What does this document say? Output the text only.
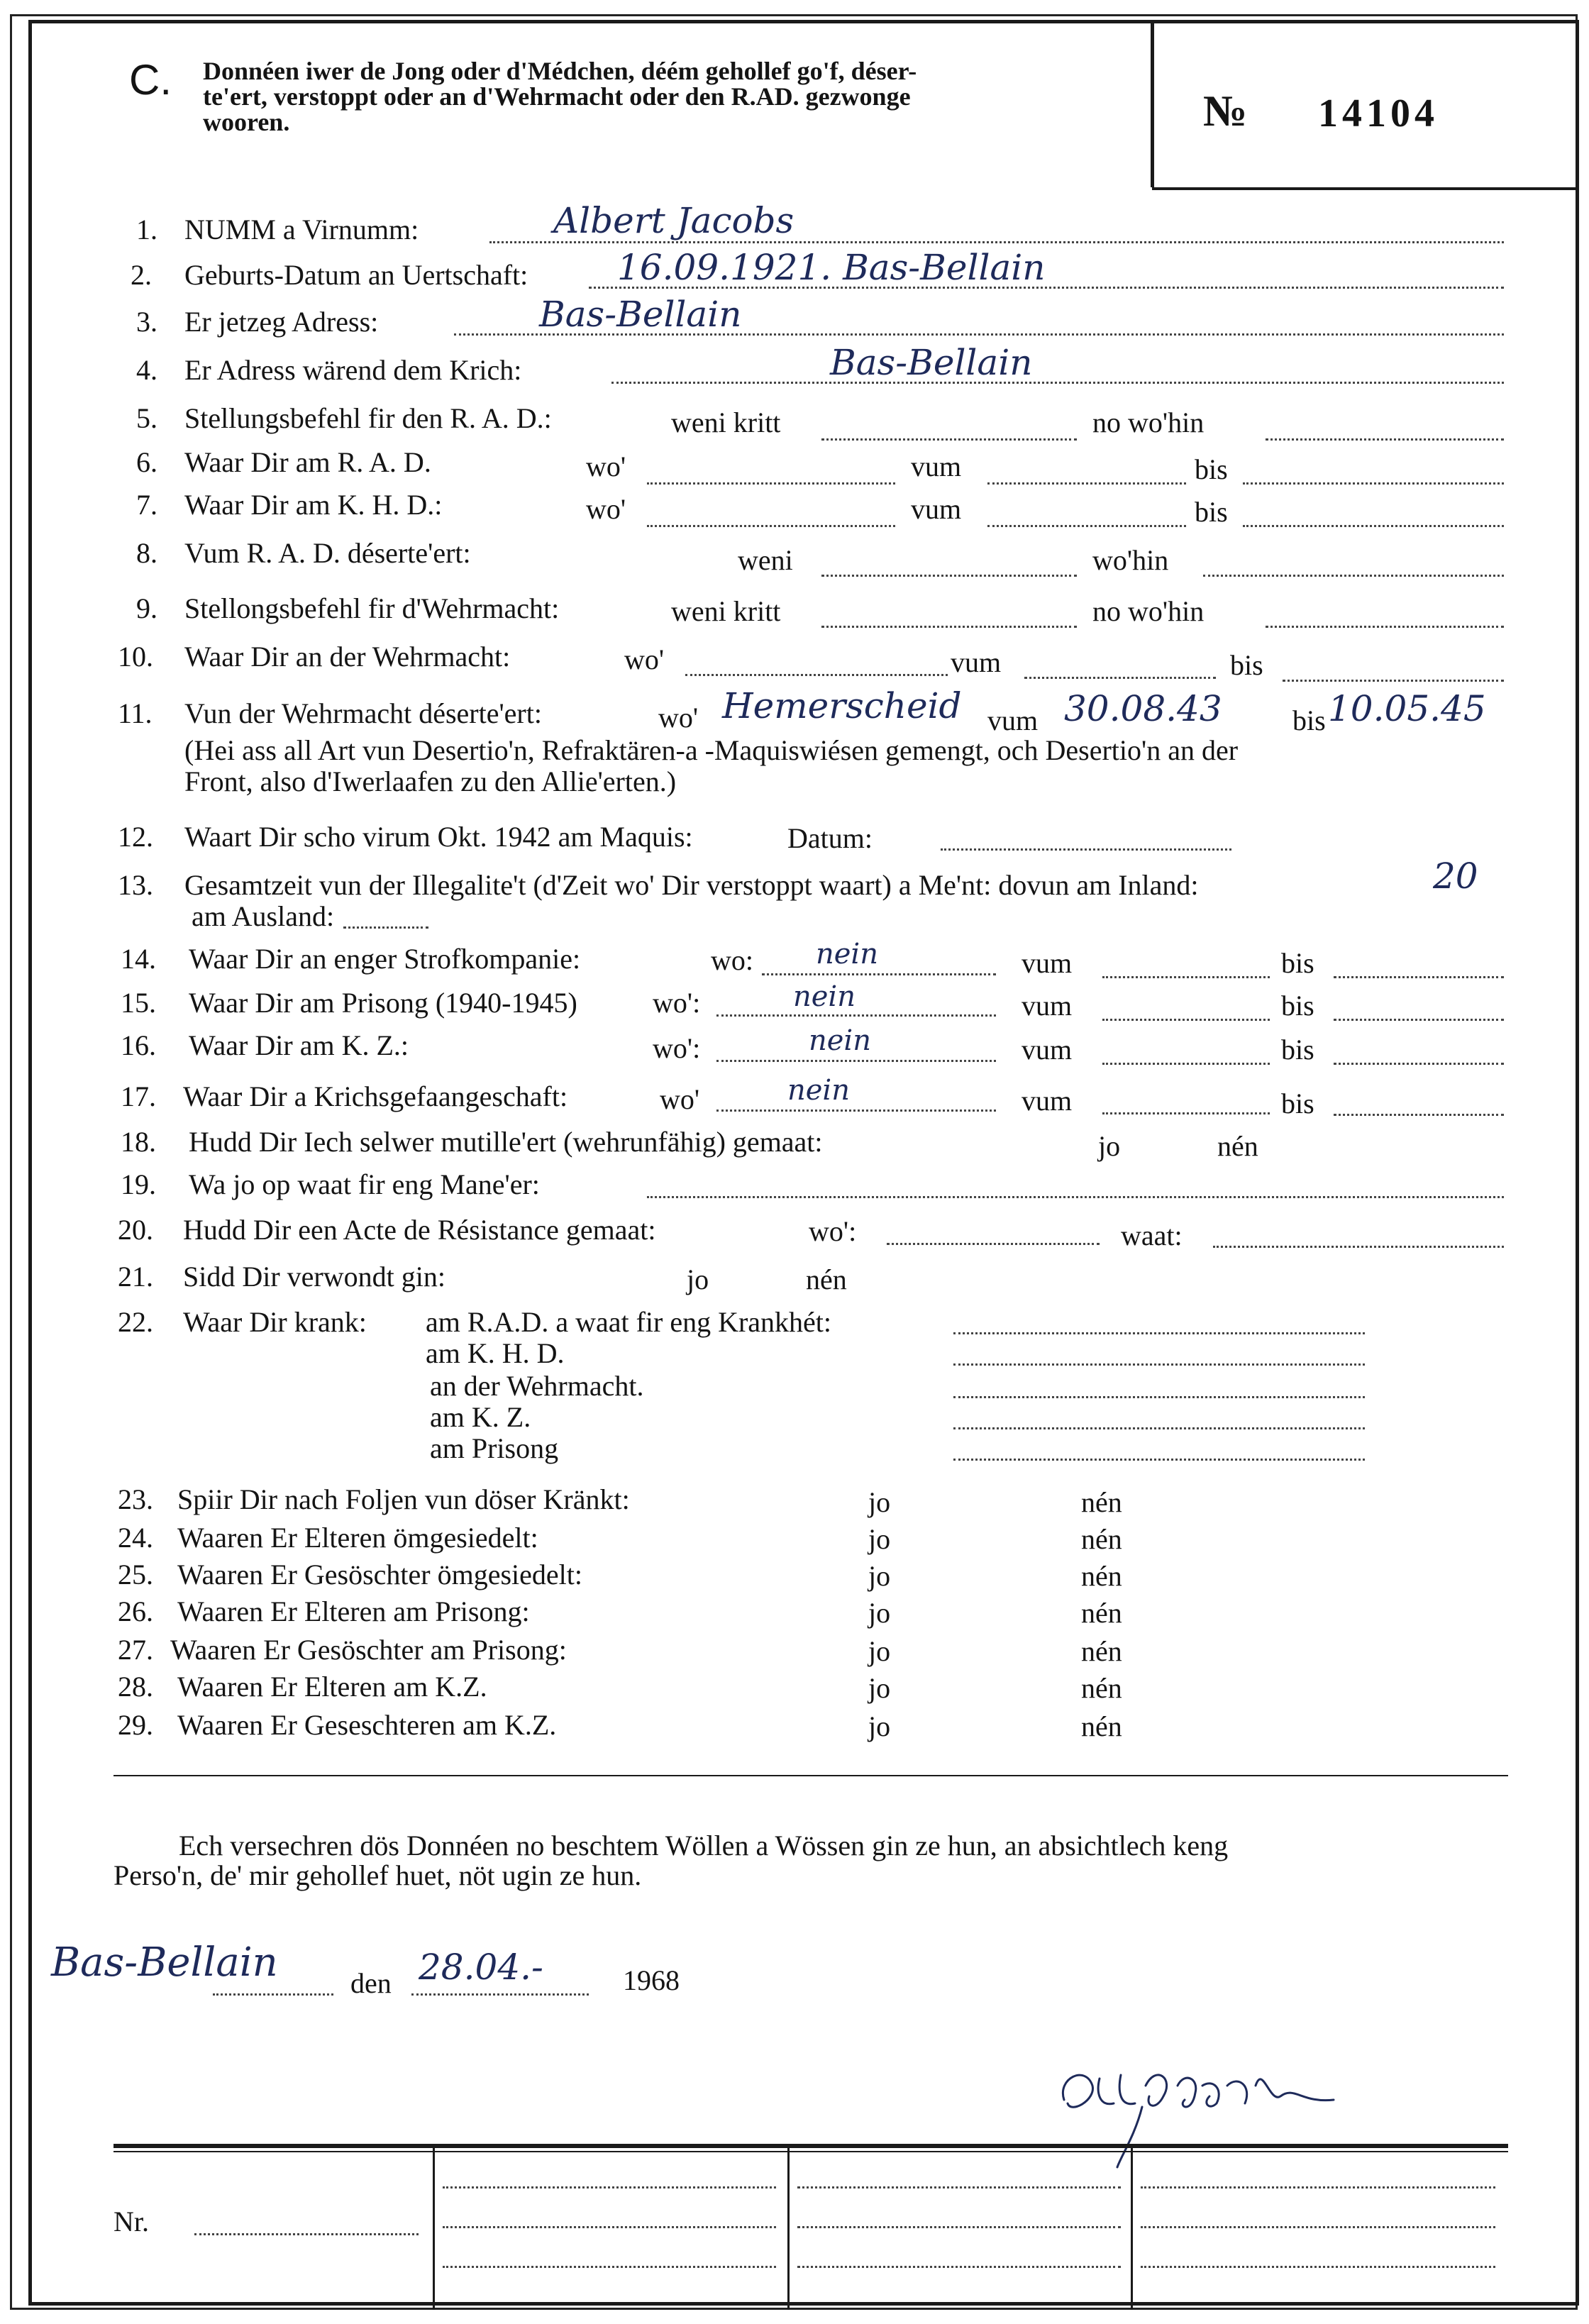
C. Donnéen iwer de Jong oder d'Médchen, déém gehollef go'f, déser-
te'ert, verstoppt oder an d'Wehrmacht oder den R.AD. gezwonge
wooren.	№ 14104
1. NUMM a Virnumm:	Albert Jacobs
2. Geburts-Datum an Uertschaft:	16.09.1921. Bas-Bellain
3. Er jetzeg Adress:	Bas-Bellain
4. Er Adress wärend dem Krich:	Bas-Bellain
5. Stellungsbefehl fir den R. A. D.:	weni kritt	no wo'hin
6. Waar Dir am R. A. D.	wo'	vum	bis
7. Waar Dir am K. H. D.:	wo'	vum	bis
8. Vum R. A. D. déserte'ert:	weni	wo'hin
9. Stellongsbefehl fir d'Wehrmacht:	weni kritt	no wo'hin
10. Waar Dir an der Wehrmacht:	wo'	vum	bis
11. Vun der Wehrmacht déserte'ert:	wo' Hemerscheid vum 30.08.43 bis 10.05.45
(Hei ass all Art vun Desertio'n, Refraktären-a -Maquiswiésen gemengt, och Desertio'n an der
Front, also d'Iwerlaafen zu den Allie'erten.)
12. Waart Dir scho virum Okt. 1942 am Maquis:	Datum:
13. Gesamtzeit vun der Illegalite't (d'Zeit wo' Dir verstoppt waart) a Me'nt: dovun am Inland:	20
am Ausland:
14. Waar Dir an enger Strofkompanie:	wo: nein	vum	bis
15. Waar Dir am Prisong (1940-1945)	wo':	nein	vum	bis
16. Waar Dir am K. Z.:	wo':	nein	vum	bis
17. Waar Dir a Krichsgefaangeschaft:	wo'	nein	vum	bis
18. Hudd Dir Iech selwer mutille'ert (wehrunfähig) gemaat:	jo	nén
19. Wa jo op waat fir eng Mane'er:
20. Hudd Dir een Acte de Résistance gemaat:	wo':	waat:
21. Sidd Dir verwondt gin:	jo	nén
22. Waar Dir krank: am R.A.D. a waat fir eng Krankhét:
am K. H. D.
an der Wehrmacht.
am K. Z.
am Prisong
23. Spiir Dir nach Foljen vun döser Kränkt:	jo	nén
24. Waaren Er Elteren ömgesiedelt:	jo	nén
25. Waaren Er Gesöschter ömgesiedelt:	jo	nén
26. Waaren Er Elteren am Prisong:	jo	nén
27. Waaren Er Gesöschter am Prisong:	jo	nén
28. Waaren Er Elteren am K.Z.	jo	nén
29. Waaren Er Geseschteren am K.Z.	jo	nén
Ech versechren dös Donnéen no beschtem Wöllen a Wössen gin ze hun, an absichtlech keng
Perso'n, de' mir gehollef huet, nöt ugin ze hun.
Bas-Bellain	den 28.04.-	1968
Nr.
